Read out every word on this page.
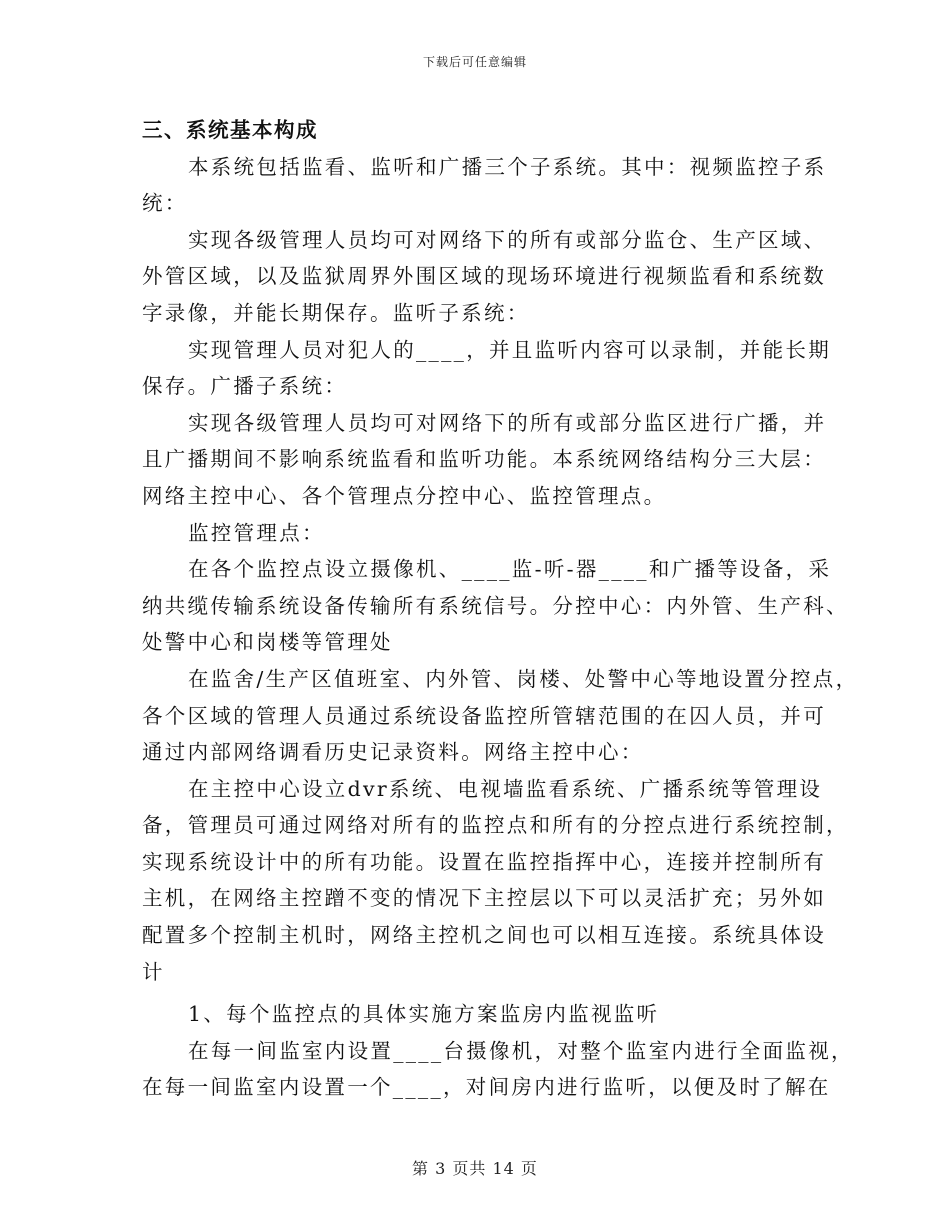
下载后可任意编辑
三、系统基本构成
本系统包括监看、监听和广播三个子系统。其中：视频监控子系
统：
实现各级管理人员均可对网络下的所有或部分监仓、生产区域、
外管区域，以及监狱周界外围区域的现场环境进行视频监看和系统数
字录像，并能长期保存。监听子系统：
实现管理人员对犯人的____，并且监听内容可以录制，并能长期
保存。广播子系统：
实现各级管理人员均可对网络下的所有或部分监区进行广播，并
且广播期间不影响系统监看和监听功能。本系统网络结构分三大层：
网络主控中心、各个管理点分控中心、监控管理点。
监控管理点：
在各个监控点设立摄像机、____监-听-器____和广播等设备，采
纳共缆传输系统设备传输所有系统信号。分控中心：内外管、生产科、
处警中心和岗楼等管理处
在监舍/生产区值班室、内外管、岗楼、处警中心等地设置分控点，
各个区域的管理人员通过系统设备监控所管辖范围的在囚人员，并可
通过内部网络调看历史记录资料。网络主控中心：
在主控中心设立dvr系统、电视墙监看系统、广播系统等管理设
备，管理员可通过网络对所有的监控点和所有的分控点进行系统控制，
实现系统设计中的所有功能。设置在监控指挥中心，连接并控制所有
主机，在网络主控蹭不变的情况下主控层以下可以灵活扩充；另外如
配置多个控制主机时，网络主控机之间也可以相互连接。系统具体设
计
1、每个监控点的具体实施方案监房内监视监听
在每一间监室内设置____台摄像机，对整个监室内进行全面监视，
在每一间监室内设置一个____，对间房内进行监听，以便及时了解在
第 3 页共 14 页
